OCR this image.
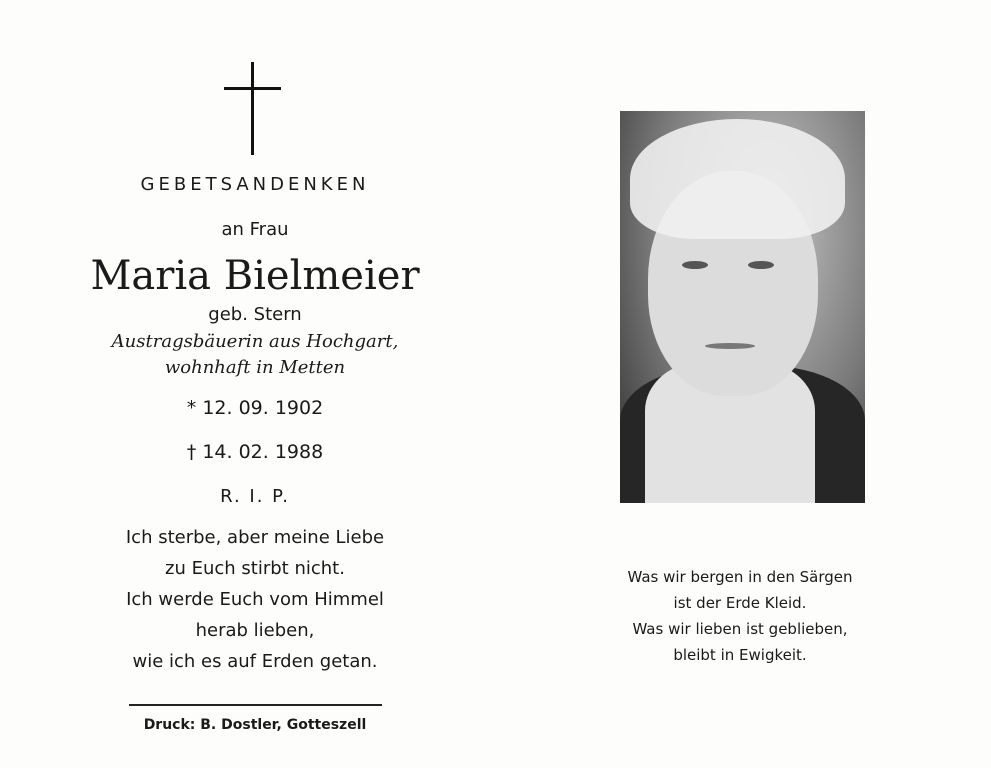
GEBETSANDENKEN
an Frau
Maria Bielmeier
geb. Stern
Austragsbäuerin aus Hochgart,
wohnhaft in Metten
* 12. 09. 1902
† 14. 02. 1988
R. I. P.
Ich sterbe, aber meine Liebe
zu Euch stirbt nicht.
Ich werde Euch vom Himmel
herab lieben,
wie ich es auf Erden getan.
Druck: B. Dostler, Gotteszell
Was wir bergen in den Särgen
ist der Erde Kleid.
Was wir lieben ist geblieben,
bleibt in Ewigkeit.
